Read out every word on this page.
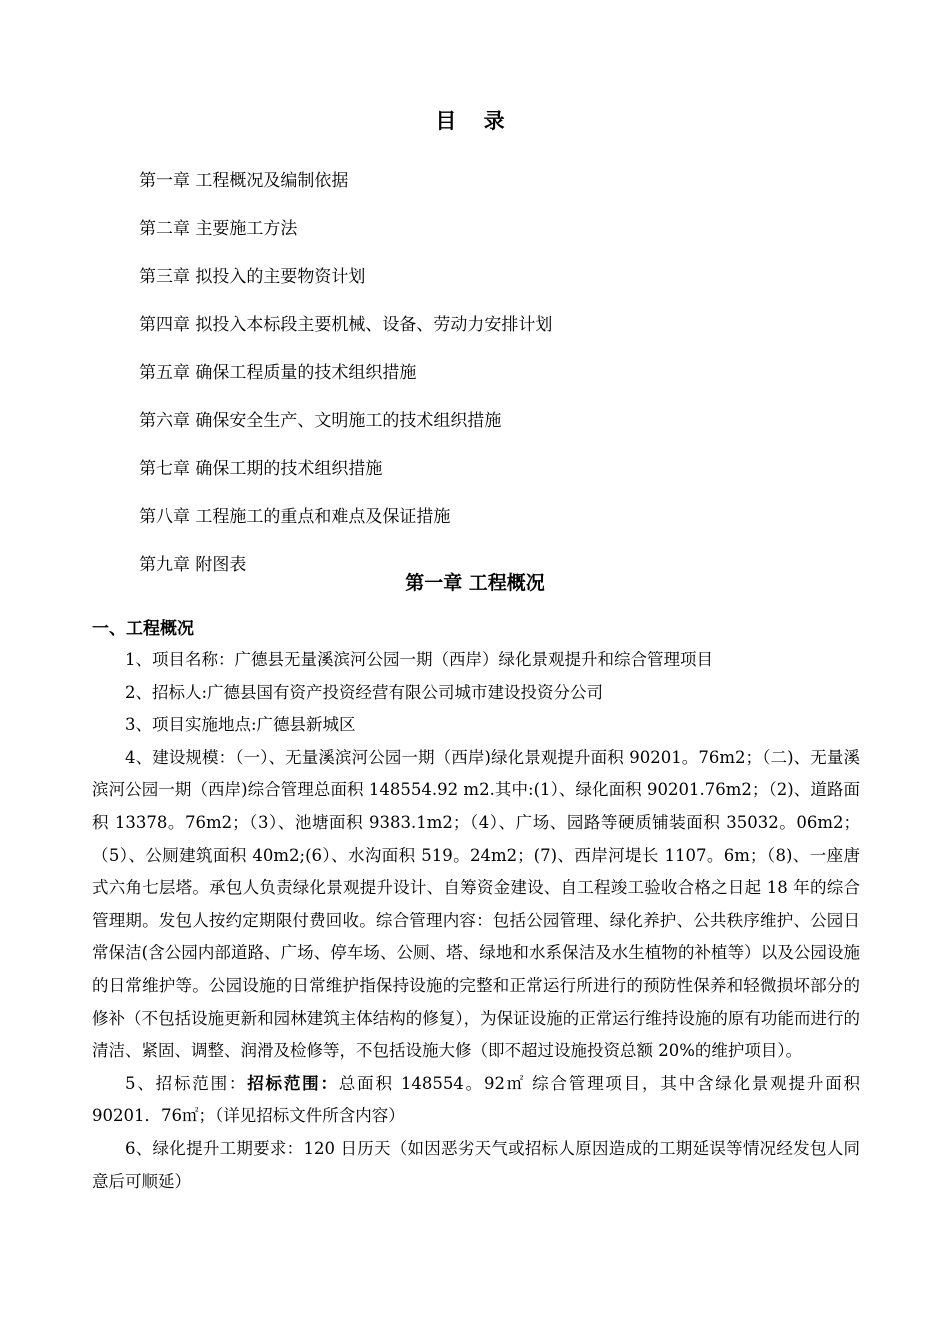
目 录
第一章 工程概况及编制依据
第二章 主要施工方法
第三章 拟投入的主要物资计划
第四章 拟投入本标段主要机械、设备、劳动力安排计划
第五章 确保工程质量的技术组织措施
第六章 确保安全生产、文明施工的技术组织措施
第七章 确保工期的技术组织措施
第八章 工程施工的重点和难点及保证措施
第九章 附图表
第一章 工程概况
一、工程概况

1、项目名称：广德县无量溪滨河公园一期（西岸）绿化景观提升和综合管理项目

2、招标人:广德县国有资产投资经营有限公司城市建设投资分公司

3、项目实施地点:广德县新城区

4、建设规模：（一）、无量溪滨河公园一期（西岸)绿化景观提升面积 90201。76m2；（二)、无量溪滨河公园一期（西岸)综合管理总面积 148554.92 m2.其中:(1）、绿化面积 90201.76m2；（2)、道路面积 13378。76m2；（3）、池塘面积 9383.1m2；（4）、广场、园路等硬质铺装面积 35032。06m2；（5）、公厕建筑面积 40m2;(6）、水沟面积 519。24m2；(7)、西岸河堤长 1107。6m；（8)、一座唐式六角七层塔。承包人负责绿化景观提升设计、自筹资金建设、自工程竣工验收合格之日起 18 年的综合管理期。发包人按约定期限付费回收。综合管理内容：包括公园管理、绿化养护、公共秩序维护、公园日常保洁(含公园内部道路、广场、停车场、公厕、塔、绿地和水系保洁及水生植物的补植等）以及公园设施的日常维护等。公园设施的日常维护指保持设施的完整和正常运行所进行的预防性保养和轻微损坏部分的修补（不包括设施更新和园林建筑主体结构的修复），为保证设施的正常运行维持设施的原有功能而进行的清洁、紧固、调整、润滑及检修等，不包括设施大修（即不超过设施投资总额 20%的维护项目）。

5、招标范围：招标范围：总面积 148554。92㎡ 综合管理项目，其中含绿化景观提升面积 90201．76㎡；（详见招标文件所含内容）

6、绿化提升工期要求：120 日历天（如因恶劣天气或招标人原因造成的工期延误等情况经发包人同意后可顺延）
